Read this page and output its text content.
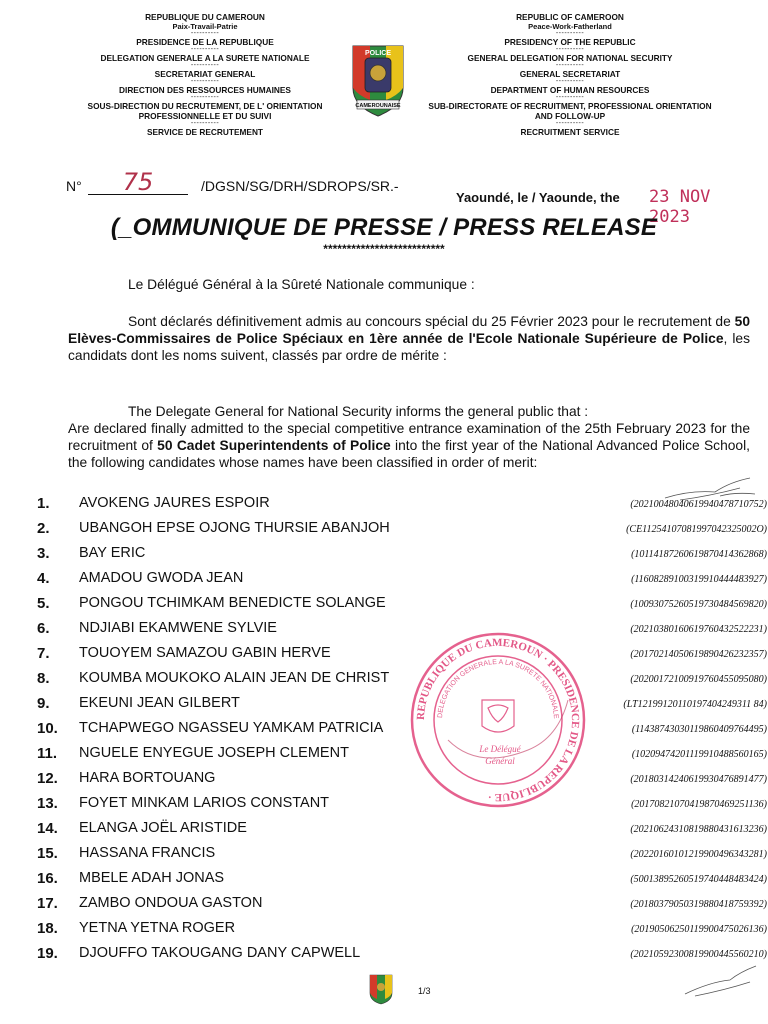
REPUBLIQUE DU CAMEROUN
Paix-Travail-Patrie
----------
PRESIDENCE DE LA REPUBLIQUE
----------
DELEGATION GENERALE A LA SURETE NATIONALE
----------
SECRETARIAT GENERAL
----------
DIRECTION DES RESSOURCES HUMAINES
----------
SOUS-DIRECTION DU RECRUTEMENT, DE L' ORIENTATION PROFESSIONNELLE ET DU SUIVI
----------
SERVICE DE RECRUTEMENT
POLICE
CAMEROUNAISE
REPUBLIC OF CAMEROON
Peace-Work-Fatherland
----------
PRESIDENCY OF THE REPUBLIC
----------
GENERAL DELEGATION FOR NATIONAL SECURITY
----------
GENERAL SECRETARIAT
----------
DEPARTMENT OF HUMAN RESOURCES
----------
SUB-DIRECTORATE OF RECRUITMENT, PROFESSIONAL ORIENTATION AND FOLLOW-UP
----------
RECRUITMENT SERVICE
N°	75	/DGSN/SG/DRH/SDROPS/SR.-
Yaoundé, le / Yaounde, the 23 NOV 2023
(_OMMUNIQUE DE PRESSE / PRESS RELEASE
**************************
Le Délégué Général à la Sûreté Nationale communique :
Sont déclarés définitivement admis au concours spécial du 25 Février 2023 pour le recrutement de 50 Elèves-Commissaires de Police Spéciaux en 1ère année de l'Ecole Nationale Supérieure de Police, les candidats dont les noms suivent, classés par ordre de mérite :
The Delegate General for National Security informs the general public that :
Are declared finally admitted to the special competitive entrance examination of the 25th February 2023 for the recruitment of 50 Cadet Superintendents of Police into the first year of the National Advanced Police School, the following candidates whose names have been classified in order of merit:
1.	AVOKENG JAURES ESPOIR	(20210048040619940478710752)
2.	UBANGOH EPSE OJONG THURSIE ABANJOH	(CE11254107081997042325002O)
3.	BAY ERIC	(10114187260619870414362868)
4.	AMADOU GWODA JEAN	(11608289100319910444483927)
5.	PONGOU TCHIMKAM BENEDICTE SOLANGE	(10093075260519730484569820)
6.	NDJIABI EKAMWENE SYLVIE	(20210380160619760432522231)
7.	TOUOYEM SAMAZOU GABIN HERVE	(20170214050619890426232357)
8.	KOUMBA MOUKOKO ALAIN JEAN DE CHRIST	(20200172100919760455095080)
9.	EKEUNI JEAN GILBERT	(LT12199120110197404249311 84)
10.	TCHAPWEGO NGASSEU YAMKAM PATRICIA	(11438743030119860409764495)
11.	NGUELE ENYEGUE JOSEPH CLEMENT	(10209474201119910488560165)
12.	HARA BORTOUANG	(20180314240619930476891477)
13.	FOYET MINKAM LARIOS CONSTANT	(20170821070419870469251136)
14.	ELANGA JOËL ARISTIDE	(20210624310819880431613236)
15.	HASSANA FRANCIS	(20220160101219900496343281)
16.	MBELE ADAH JONAS	(50013895260519740448483424)
17.	ZAMBO ONDOUA GASTON	(20180379050319880418759392)
18.	YETNA YETNA ROGER	(20190506250119900475026136)
19.	DJOUFFO TAKOUGANG DANY CAPWELL	(20210592300819900445560210)
REPUBLIQUE DU CAMEROUN · PRESIDENCE DE LA REPUBLIQUE ·
DELEGATION GENERALE A LA SURETE NATIONALE
Le Délégué
Général
1/3
